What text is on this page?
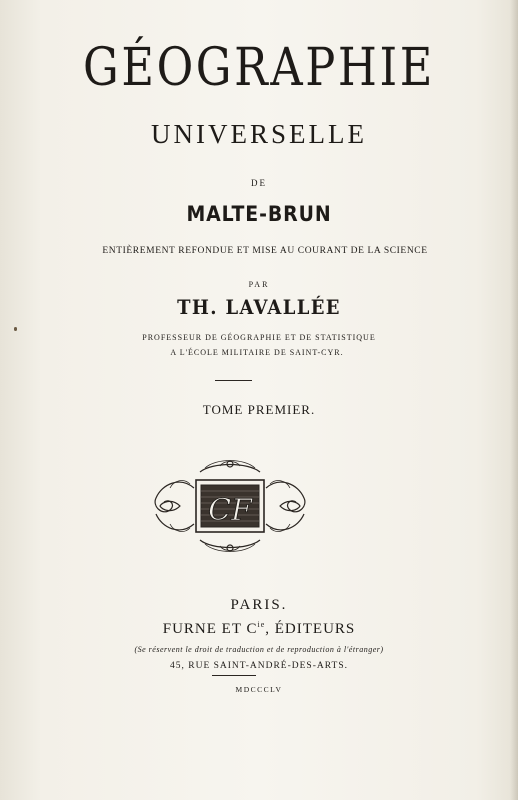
GÉOGRAPHIE
UNIVERSELLE
DE
MALTE-BRUN
ENTIÈREMENT REFONDUE ET MISE AU COURANT DE LA SCIENCE
PAR
TH. LAVALLÉE
PROFESSEUR DE GÉOGRAPHIE ET DE STATISTIQUE
A L'ÉCOLE MILITAIRE DE SAINT-CYR.
TOME PREMIER.
CF
PARIS.
FURNE ET $C^{ie}$, ÉDITEURS
(Se réservent le droit de traduction et de reproduction à l'étranger)
45, RUE SAINT-ANDRÉ-DES-ARTS.
MDCCCLV
